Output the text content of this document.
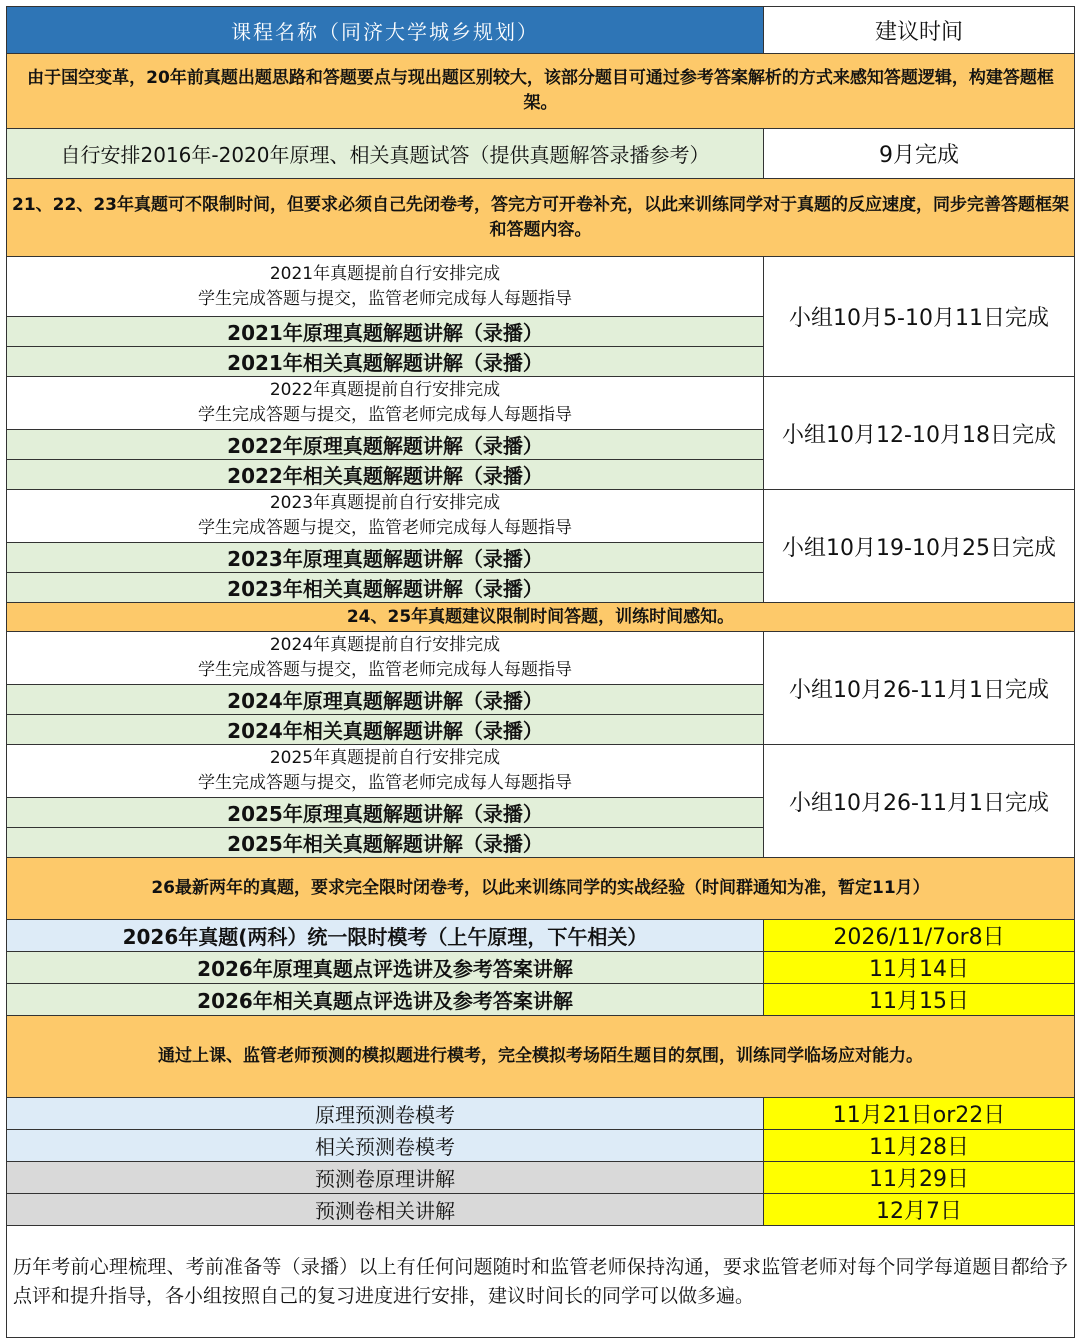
课程名称（同济大学城乡规划）	建议时间
由于国空变革，20年前真题出题思路和答题要点与现出题区别较大，该部分题目可通过参考答案解析的方式来感知答题逻辑，构建答题框架。	
自行安排2016年-2020年原理、相关真题试答（提供真题解答录播参考）	9月完成
21、22、23年真题可不限制时间，但要求必须自己先闭卷考，答完方可开卷补充，以此来训练同学对于真题的反应速度，同步完善答题框架和答题内容。	

2021年真题提前自行安排完成
学生完成答题与提交，监管老师完成每人每题指导	小组10月5-10月11日完成
2021年原理真题解题讲解（录播）	
2021年相关真题解题讲解（录播）	

2022年真题提前自行安排完成
学生完成答题与提交，监管老师完成每人每题指导	小组10月12-10月18日完成
2022年原理真题解题讲解（录播）	
2022年相关真题解题讲解（录播）	

2023年真题提前自行安排完成
学生完成答题与提交，监管老师完成每人每题指导	小组10月19-10月25日完成
2023年原理真题解题讲解（录播）	
2023年相关真题解题讲解（录播）	
24、25年真题建议限制时间答题，训练时间感知。	

2024年真题提前自行安排完成
学生完成答题与提交，监管老师完成每人每题指导	小组10月26-11月1日完成
2024年原理真题解题讲解（录播）	
2024年相关真题解题讲解（录播）	

2025年真题提前自行安排完成
学生完成答题与提交，监管老师完成每人每题指导	小组10月26-11月1日完成
2025年原理真题解题讲解（录播）	
2025年相关真题解题讲解（录播）	
26最新两年的真题，要求完全限时闭卷考，以此来训练同学的实战经验（时间群通知为准，暂定11月）	
2026年真题(两科）统一限时模考（上午原理，下午相关）	2026/11/7or8日
2026年原理真题点评选讲及参考答案讲解	11月14日
2026年相关真题点评选讲及参考答案讲解	11月15日
通过上课、监管老师预测的模拟题进行模考，完全模拟考场陌生题目的氛围，训练同学临场应对能力。	
原理预测卷模考	11月21日or22日
相关预测卷模考	11月28日
预测卷原理讲解	11月29日
预测卷相关讲解	12月7日
历年考前心理梳理、考前准备等（录播）以上有任何问题随时和监管老师保持沟通，要求监管老师对每个同学每道题目都给予点评和提升指导，各小组按照自己的复习进度进行安排，建议时间长的同学可以做多遍。	
